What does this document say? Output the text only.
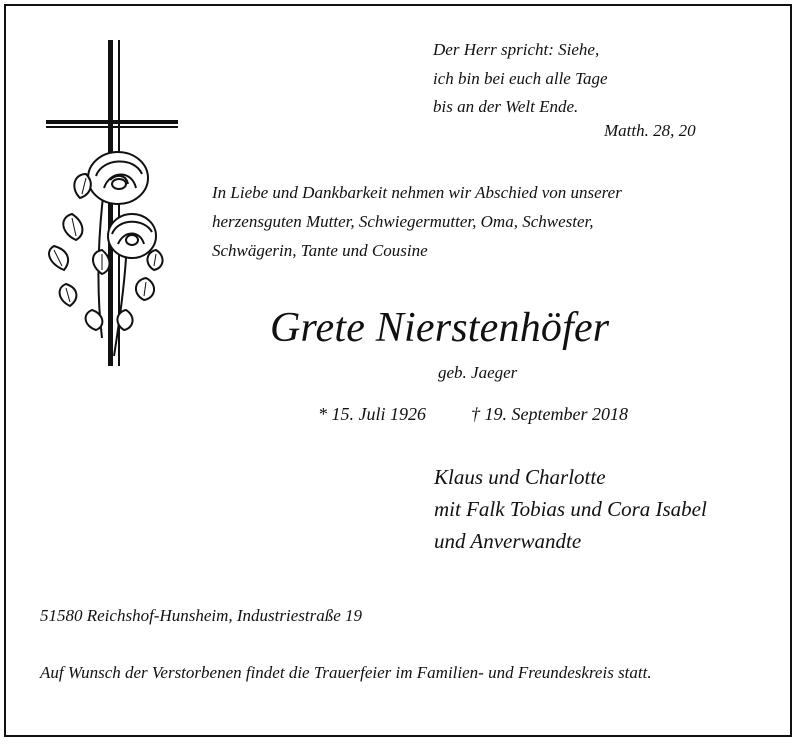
Der Herr spricht: Siehe,
ich bin bei euch alle Tage
bis an der Welt Ende.
Matth. 28, 20
In Liebe und Dankbarkeit nehmen wir Abschied von unserer
herzensguten Mutter, Schwiegermutter, Oma, Schwester,
Schwägerin, Tante und Cousine
Grete Nierstenhöfer
geb. Jaeger
* 15. Juli 1926	† 19. September 2018
Klaus und Charlotte
mit Falk Tobias und Cora Isabel
und Anverwandte
51580 Reichshof-Hunsheim, Industriestraße 19
Auf Wunsch der Verstorbenen findet die Trauerfeier im Familien- und Freundeskreis statt.
